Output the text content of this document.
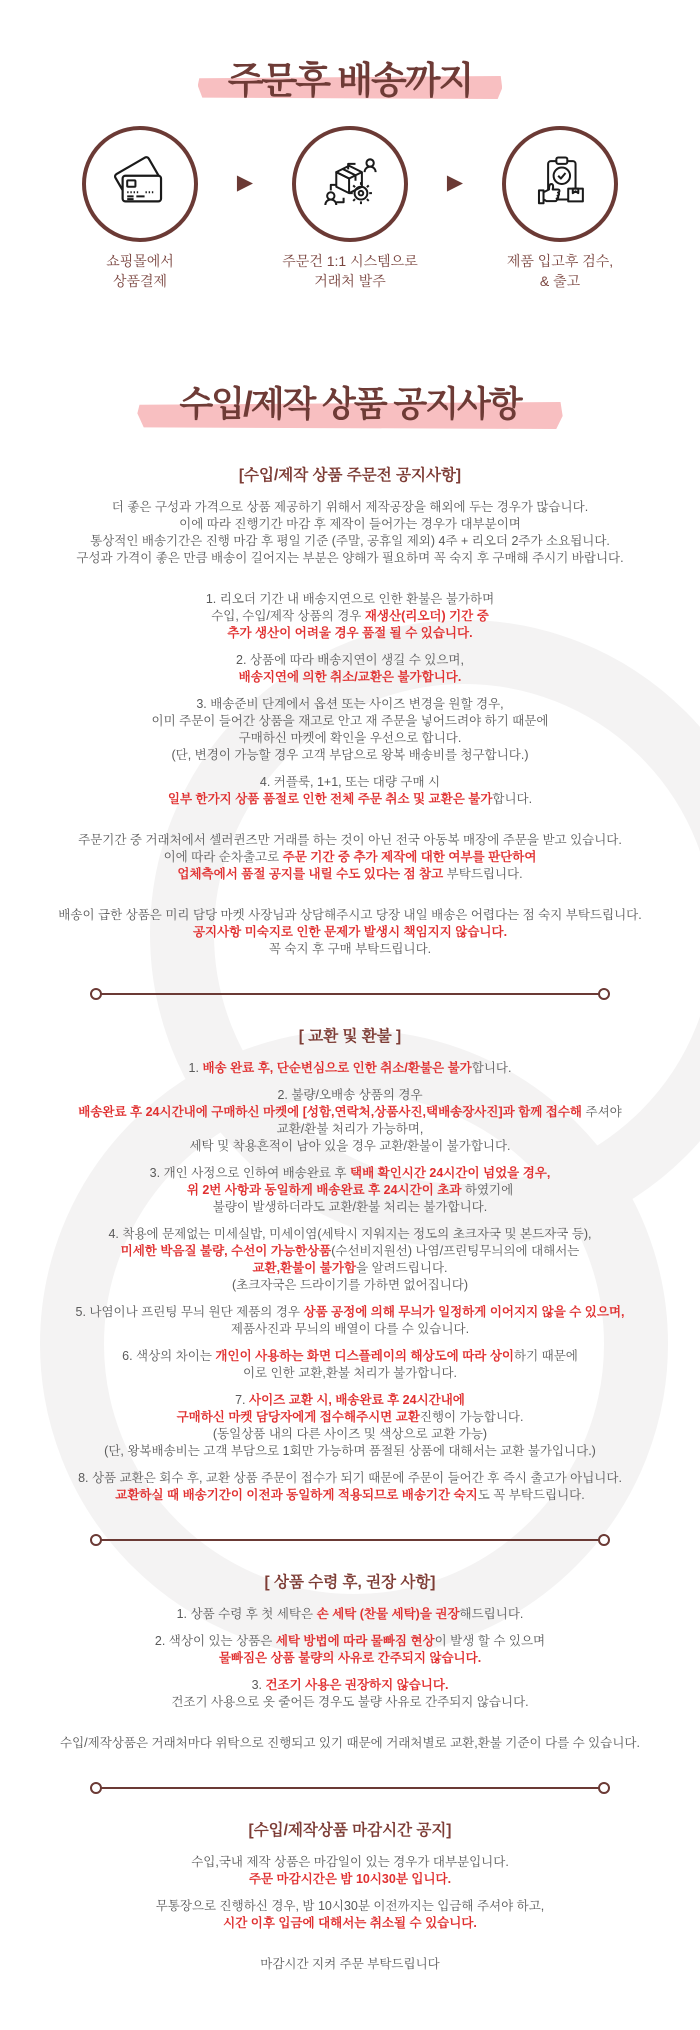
주문후 배송까지
쇼핑몰에서
상품결제
▶
주문건 1:1 시스템으로
거래처 발주
▶
제품 입고후 검수,
& 출고
수입/제작 상품 공지사항
[수입/제작 상품 주문전 공지사항]
더 좋은 구성과 가격으로 상품 제공하기 위해서 제작공장을 해외에 두는 경우가 많습니다.
이에 따라 진행기간 마감 후 제작이 들어가는 경우가 대부분이며
통상적인 배송기간은 진행 마감 후 평일 기준 (주말, 공휴일 제외) 4주 + 리오더 2주가 소요됩니다.
구성과 가격이 좋은 만큼 배송이 길어지는 부분은 양해가 필요하며 꼭 숙지 후 구매해 주시기 바랍니다.
1. 리오더 기간 내 배송지연으로 인한 환불은 불가하며
수입, 수입/제작 상품의 경우 재생산(리오더) 기간 중
추가 생산이 어려울 경우 품절 될 수 있습니다.
2. 상품에 따라 배송지연이 생길 수 있으며,
배송지연에 의한 취소/교환은 불가합니다.
3. 배송준비 단계에서 옵션 또는 사이즈 변경을 원할 경우,
이미 주문이 들어간 상품을 재고로 안고 재 주문을 넣어드려야 하기 때문에
구매하신 마켓에 확인을 우선으로 합니다.
(단, 변경이 가능할 경우 고객 부담으로 왕복 배송비를 청구합니다.)
4. 커플룩, 1+1, 또는 대량 구매 시
일부 한가지 상품 품절로 인한 전체 주문 취소 및 교환은 불가합니다.
주문기간 중 거래처에서 셀러퀸즈만 거래를 하는 것이 아닌 전국 아동복 매장에 주문을 받고 있습니다.
이에 따라 순차출고로 주문 기간 중 추가 제작에 대한 여부를 판단하여
업체측에서 품절 공지를 내릴 수도 있다는 점 참고 부탁드립니다.
배송이 급한 상품은 미리 담당 마켓 사장님과 상담해주시고 당장 내일 배송은 어렵다는 점 숙지 부탁드립니다.
공지사항 미숙지로 인한 문제가 발생시 책임지지 않습니다.
꼭 숙지 후 구매 부탁드립니다.
[ 교환 및 환불 ]
1. 배송 완료 후, 단순변심으로 인한 취소/환불은 불가합니다.
2. 불량/오배송 상품의 경우
배송완료 후 24시간내에 구매하신 마켓에 [성함,연락처,상품사진,택배송장사진]과 함께 접수해 주셔야
교환/환불 처리가 가능하며,
세탁 및 착용흔적이 남아 있을 경우 교환/환불이 불가합니다.
3. 개인 사정으로 인하여 배송완료 후 택배 확인시간 24시간이 넘었을 경우,
위 2번 사항과 동일하게 배송완료 후 24시간이 초과 하였기에
불량이 발생하더라도 교환/환불 처리는 불가합니다.
4. 착용에 문제없는 미세실밥, 미세이염(세탁시 지워지는 정도의 초크자국 및 본드자국 등),
미세한 박음질 불량, 수선이 가능한상품(수선비지원선) 나염/프린팅무늬의에 대해서는
교환,환불이 불가함을 알려드립니다.
(초크자국은 드라이기를 가하면 없어집니다)
5. 나염이나 프린팅 무늬 원단 제품의 경우 상품 공정에 의해 무늬가 일정하게 이어지지 않을 수 있으며,
제품사진과 무늬의 배열이 다를 수 있습니다.
6. 색상의 차이는 개인이 사용하는 화면 디스플레이의 해상도에 따라 상이하기 때문에
이로 인한 교환,환불 처리가 불가합니다.
7. 사이즈 교환 시, 배송완료 후 24시간내에
구매하신 마켓 담당자에게 접수해주시면 교환진행이 가능합니다.
(동일상품 내의 다른 사이즈 및 색상으로 교환 가능)
(단, 왕복배송비는 고객 부담으로 1회만 가능하며 품절된 상품에 대해서는 교환 불가입니다.)
8. 상품 교환은 회수 후, 교환 상품 주문이 접수가 되기 때문에 주문이 들어간 후 즉시 출고가 아닙니다.
교환하실 때 배송기간이 이전과 동일하게 적용되므로 배송기간 숙지도 꼭 부탁드립니다.
[ 상품 수령 후, 권장 사항]
1. 상품 수령 후 첫 세탁은 손 세탁 (찬물 세탁)을 권장해드립니다.
2. 색상이 있는 상품은 세탁 방법에 따라 물빠짐 현상이 발생 할 수 있으며
물빠짐은 상품 불량의 사유로 간주되지 않습니다.
3. 건조기 사용은 권장하지 않습니다.
건조기 사용으로 옷 줄어든 경우도 불량 사유로 간주되지 않습니다.
수입/제작상품은 거래처마다 위탁으로 진행되고 있기 때문에 거래처별로 교환,환불 기준이 다를 수 있습니다.
[수입/제작상품 마감시간 공지]
수입,국내 제작 상품은 마감일이 있는 경우가 대부분입니다.
주문 마감시간은 밤 10시30분 입니다.
무통장으로 진행하신 경우, 밤 10시30분 이전까지는 입금해 주셔야 하고,
시간 이후 입금에 대해서는 취소될 수 있습니다.
마감시간 지켜 주문 부탁드립니다
